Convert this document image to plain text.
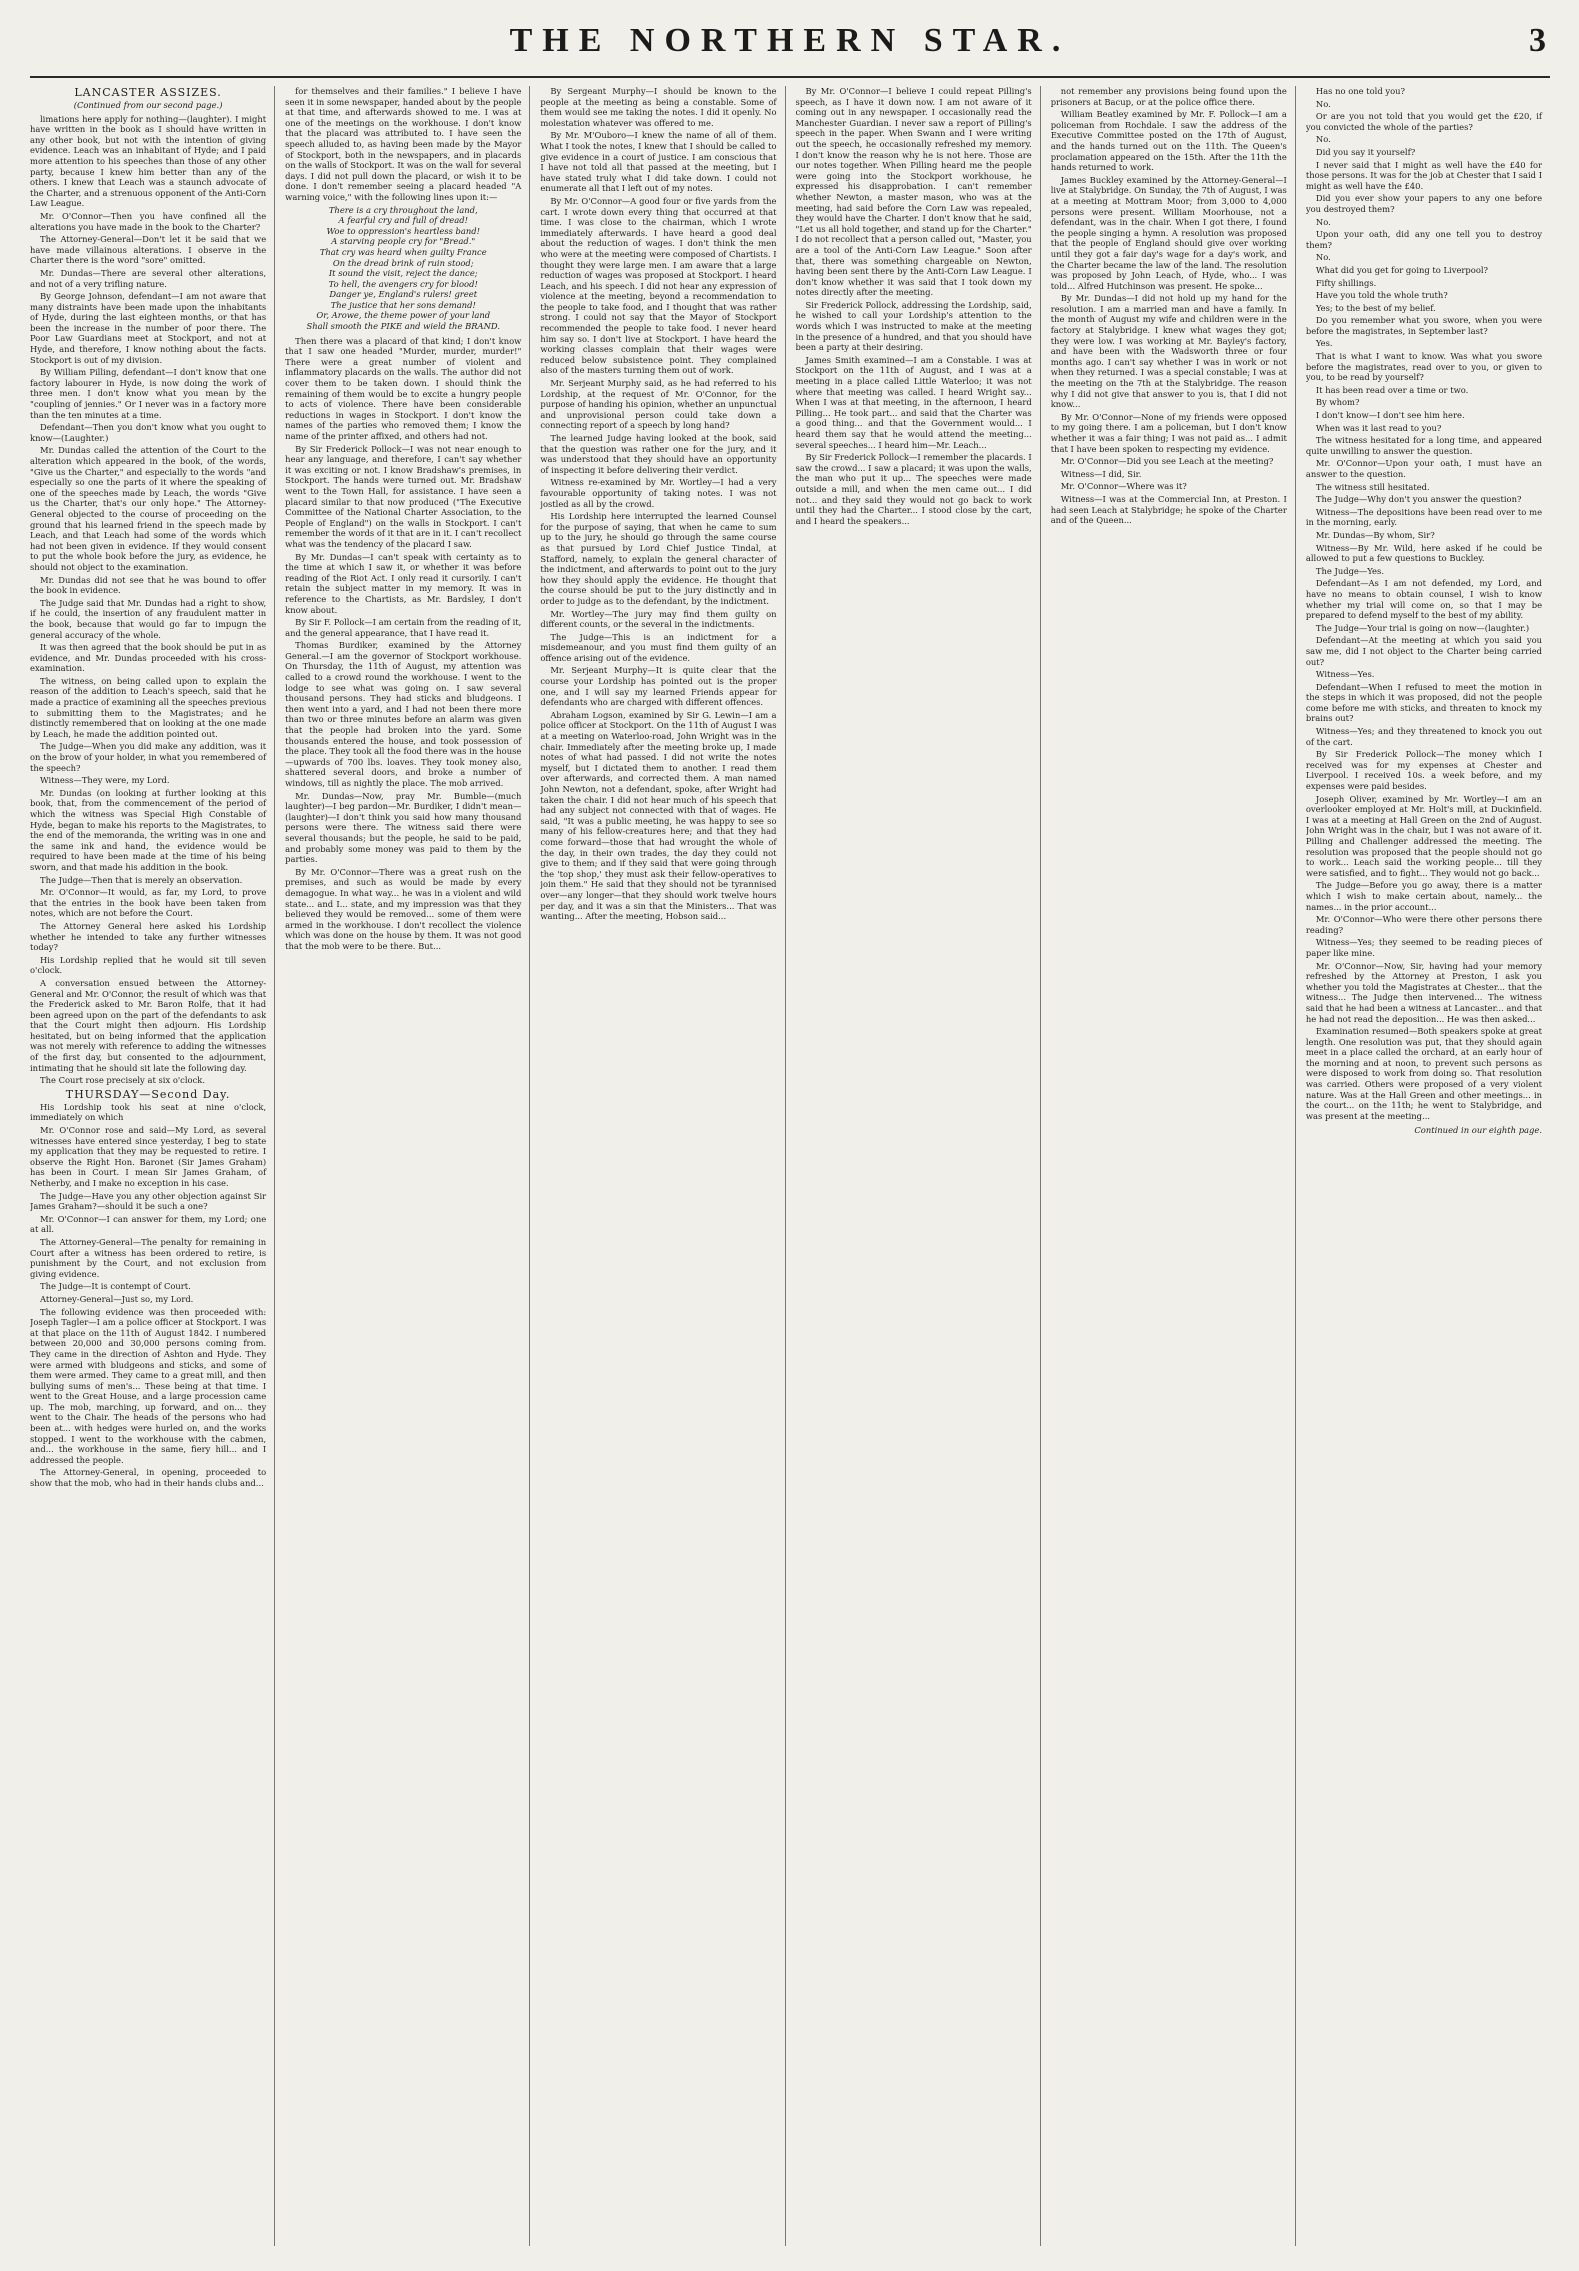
THE NORTHERN STAR.	3

LANCASTER ASSIZES.

(Continued from our second page.)

limations here apply for nothing—(laughter). I might have written in the book as I should have written in any other book, but not with the intention of giving evidence. Leach was an inhabitant of Hyde; and I paid more attention to his speeches than those of any other party, because I knew him better than any of the others. I knew that Leach was a staunch advocate of the Charter, and a strenuous opponent of the Anti-Corn Law League.

Mr. O'Connor—Then you have confined all the alterations you have made in the book to the Charter?

The Attorney-General—Don't let it be said that we have made villainous alterations. I observe in the Charter there is the word "sore" omitted.

Mr. Dundas—There are several other alterations, and not of a very trifling nature.

By George Johnson, defendant—I am not aware that many distraints have been made upon the inhabitants of Hyde, during the last eighteen months, or that has been the increase in the number of poor there. The Poor Law Guardians meet at Stockport, and not at Hyde, and therefore, I know nothing about the facts. Stockport is out of my division.

By William Pilling, defendant—I don't know that one factory labourer in Hyde, is now doing the work of three men. I don't know what you mean by the "coupling of jennies." Or I never was in a factory more than the ten minutes at a time.

Defendant—Then you don't know what you ought to know—(Laughter.)

Mr. Dundas called the attention of the Court to the alteration which appeared in the book, of the words, "Give us the Charter," and especially to the words "and especially so one the parts of it where the speaking of one of the speeches made by Leach, the words "Give us the Charter, that's our only hope." The Attorney-General objected to the course of proceeding on the ground that his learned friend in the speech made by Leach, and that Leach had some of the words which had not been given in evidence. If they would consent to put the whole book before the jury, as evidence, he should not object to the examination.

Mr. Dundas did not see that he was bound to offer the book in evidence.

The Judge said that Mr. Dundas had a right to show, if he could, the insertion of any fraudulent matter in the book, because that would go far to impugn the general accuracy of the whole.

It was then agreed that the book should be put in as evidence, and Mr. Dundas proceeded with his cross-examination.

The witness, on being called upon to explain the reason of the addition to Leach's speech, said that he made a practice of examining all the speeches previous to submitting them to the Magistrates; and he distinctly remembered that on looking at the one made by Leach, he made the addition pointed out.

The Judge—When you did make any addition, was it on the brow of your holder, in what you remembered of the speech?

Witness—They were, my Lord.

Mr. Dundas (on looking at further looking at this book, that, from the commencement of the period of which the witness was Special High Constable of Hyde, began to make his reports to the Magistrates, to the end of the memoranda, the writing was in one and the same ink and hand, the evidence would be required to have been made at the time of his being sworn, and that made his addition in the book.

The Judge—Then that is merely an observation.

Mr. O'Connor—It would, as far, my Lord, to prove that the entries in the book have been taken from notes, which are not before the Court.

The Attorney General here asked his Lordship whether he intended to take any further witnesses today?

His Lordship replied that he would sit till seven o'clock.

A conversation ensued between the Attorney-General and Mr. O'Connor, the result of which was that the Frederick asked to Mr. Baron Rolfe, that it had been agreed upon on the part of the defendants to ask that the Court might then adjourn. His Lordship hesitated, but on being informed that the application was not merely with reference to adding the witnesses of the first day, but consented to the adjournment, intimating that he should sit late the following day.

The Court rose precisely at six o'clock.

THURSDAY—Second Day.

His Lordship took his seat at nine o'clock, immediately on which

Mr. O'Connor rose and said—My Lord, as several witnesses have entered since yesterday, I beg to state my application that they may be requested to retire. I observe the Right Hon. Baronet (Sir James Graham) has been in Court. I mean Sir James Graham, of Netherby, and I make no exception in his case.

The Judge—Have you any other objection against Sir James Graham?—should it be such a one?

Mr. O'Connor—I can answer for them, my Lord; one at all.

The Attorney-General—The penalty for remaining in Court after a witness has been ordered to retire, is punishment by the Court, and not exclusion from giving evidence.

The Judge—It is contempt of Court.

Attorney-General—Just so, my Lord.

The following evidence was then proceeded with: Joseph Tagler—I am a police officer at Stockport. I was at that place on the 11th of August 1842. I numbered between 20,000 and 30,000 persons coming from. They came in the direction of Ashton and Hyde. They were armed with bludgeons and sticks, and some of them were armed. They came to a great mill, and then bullying sums of men's... These being at that time. I went to the Great House, and a large procession came up. The mob, marching, up forward, and on... they went to the Chair. The heads of the persons who had been at... with hedges were hurled on, and the works stopped. I went to the workhouse with the cabmen, and... the workhouse in the same, fiery hill... and I addressed the people.

The Attorney-General, in opening, proceeded to show that the mob, who had in their hands clubs and...

for themselves and their families." I believe I have seen it in some newspaper, handed about by the people at that time, and afterwards showed to me. I was at one of the meetings on the workhouse. I don't know that the placard was attributed to. I have seen the speech alluded to, as having been made by the Mayor of Stockport, both in the newspapers, and in placards on the walls of Stockport. It was on the wall for several days. I did not pull down the placard, or wish it to be done. I don't remember seeing a placard headed "A warning voice," with the following lines upon it:—

There is a cry throughout the land,
A fearful cry and full of dread!
Woe to oppression's heartless band!
A starving people cry for "Bread."
That cry was heard when guilty France
On the dread brink of ruin stood;
It sound the visit, reject the dance;
To hell, the avengers cry for blood!
Danger ye, England's rulers! greet
The justice that her sons demand!
Or, Arowe, the theme power of your land
Shall smooth the PIKE and wield the BRAND.

Then there was a placard of that kind; I don't know that I saw one headed "Murder, murder, murder!" There were a great number of violent and inflammatory placards on the walls. The author did not cover them to be taken down. I should think the remaining of them would be to excite a hungry people to acts of violence. There have been considerable reductions in wages in Stockport. I don't know the names of the parties who removed them; I know the name of the printer affixed, and others had not.

By Sir Frederick Pollock—I was not near enough to hear any language, and therefore, I can't say whether it was exciting or not. I know Bradshaw's premises, in Stockport. The hands were turned out. Mr. Bradshaw went to the Town Hall, for assistance. I have seen a placard similar to that now produced ("The Executive Committee of the National Charter Association, to the People of England") on the walls in Stockport. I can't remember the words of it that are in it. I can't recollect what was the tendency of the placard I saw.

By Mr. Dundas—I can't speak with certainty as to the time at which I saw it, or whether it was before reading of the Riot Act. I only read it cursorily. I can't retain the subject matter in my memory. It was in reference to the Chartists, as Mr. Bardsley, I don't know about.

By Sir F. Pollock—I am certain from the reading of it, and the general appearance, that I have read it.

Thomas Burdiker, examined by the Attorney General.—I am the governor of Stockport workhouse. On Thursday, the 11th of August, my attention was called to a crowd round the workhouse. I went to the lodge to see what was going on. I saw several thousand persons. They had sticks and bludgeons. I then went into a yard, and I had not been there more than two or three minutes before an alarm was given that the people had broken into the yard. Some thousands entered the house, and took possession of the place. They took all the food there was in the house—upwards of 700 lbs. loaves. They took money also, shattered several doors, and broke a number of windows, till as nightly the place. The mob arrived.

Mr. Dundas—Now, pray Mr. Bumble—(much laughter)—I beg pardon—Mr. Burdiker, I didn't mean—(laughter)—I don't think you said how many thousand persons were there. The witness said there were several thousands; but the people, he said to be paid, and probably some money was paid to them by the parties.

By Mr. O'Connor—There was a great rush on the premises, and such as would be made by every demagogue. In what way... he was in a violent and wild state... and I... state, and my impression was that they believed they would be removed... some of them were armed in the workhouse. I don't recollect the violence which was done on the house by them. It was not good that the mob were to be there. But...

By Sergeant Murphy—I should be known to the people at the meeting as being a constable. Some of them would see me taking the notes. I did it openly. No molestation whatever was offered to me.

By Mr. M'Ouboro—I knew the name of all of them. What I took the notes, I knew that I should be called to give evidence in a court of justice. I am conscious that I have not told all that passed at the meeting, but I have stated truly what I did take down. I could not enumerate all that I left out of my notes.

By Mr. O'Connor—A good four or five yards from the cart. I wrote down every thing that occurred at that time. I was close to the chairman, which I wrote immediately afterwards. I have heard a good deal about the reduction of wages. I don't think the men who were at the meeting were composed of Chartists. I thought they were large men. I am aware that a large reduction of wages was proposed at Stockport. I heard Leach, and his speech. I did not hear any expression of violence at the meeting, beyond a recommendation to the people to take food, and I thought that was rather strong. I could not say that the Mayor of Stockport recommended the people to take food. I never heard him say so. I don't live at Stockport. I have heard the working classes complain that their wages were reduced below subsistence point. They complained also of the masters turning them out of work.

Mr. Serjeant Murphy said, as he had referred to his Lordship, at the request of Mr. O'Connor, for the purpose of handing his opinion, whether an unpunctual and unprovisional person could take down a connecting report of a speech by long hand?

The learned Judge having looked at the book, said that the question was rather one for the jury, and it was understood that they should have an opportunity of inspecting it before delivering their verdict.

Witness re-examined by Mr. Wortley—I had a very favourable opportunity of taking notes. I was not jostled as all by the crowd.

His Lordship here interrupted the learned Counsel for the purpose of saying, that when he came to sum up to the jury, he should go through the same course as that pursued by Lord Chief Justice Tindal, at Stafford, namely, to explain the general character of the indictment, and afterwards to point out to the jury how they should apply the evidence. He thought that the course should be put to the jury distinctly and in order to judge as to the defendant, by the indictment.

Mr. Wortley—The jury may find them guilty on different counts, or the several in the indictments.

The Judge—This is an indictment for a misdemeanour, and you must find them guilty of an offence arising out of the evidence.

Mr. Serjeant Murphy—It is quite clear that the course your Lordship has pointed out is the proper one, and I will say my learned Friends appear for defendants who are charged with different offences.

Abraham Logson, examined by Sir G. Lewin—I am a police officer at Stockport. On the 11th of August I was at a meeting on Waterloo-road, John Wright was in the chair. Immediately after the meeting broke up, I made notes of what had passed. I did not write the notes myself, but I dictated them to another. I read them over afterwards, and corrected them. A man named John Newton, not a defendant, spoke, after Wright had taken the chair. I did not hear much of his speech that had any subject not connected with that of wages. He said, "It was a public meeting, he was happy to see so many of his fellow-creatures here; and that they had come forward—those that had wrought the whole of the day, in their own trades, the day they could not give to them; and if they said that were going through the 'top shop,' they must ask their fellow-operatives to join them." He said that they should not be tyrannised over—any longer—that they should work twelve hours per day, and it was a sin that the Ministers... That was wanting... After the meeting, Hobson said...

By Mr. O'Connor—I believe I could repeat Pilling's speech, as I have it down now. I am not aware of it coming out in any newspaper. I occasionally read the Manchester Guardian. I never saw a report of Pilling's speech in the paper. When Swann and I were writing out the speech, he occasionally refreshed my memory. I don't know the reason why he is not here. Those are our notes together. When Pilling heard me the people were going into the Stockport workhouse, he expressed his disapprobation. I can't remember whether Newton, a master mason, who was at the meeting, had said before the Corn Law was repealed, they would have the Charter. I don't know that he said, "Let us all hold together, and stand up for the Charter." I do not recollect that a person called out, "Master, you are a tool of the Anti-Corn Law League." Soon after that, there was something chargeable on Newton, having been sent there by the Anti-Corn Law League. I don't know whether it was said that I took down my notes directly after the meeting.

Sir Frederick Pollock, addressing the Lordship, said, he wished to call your Lordship's attention to the words which I was instructed to make at the meeting in the presence of a hundred, and that you should have been a party at their desiring.

James Smith examined—I am a Constable. I was at Stockport on the 11th of August, and I was at a meeting in a place called Little Waterloo; it was not where that meeting was called. I heard Wright say... When I was at that meeting, in the afternoon, I heard Pilling... He took part... and said that the Charter was a good thing... and that the Government would... I heard them say that he would attend the meeting... several speeches... I heard him—Mr. Leach...

By Sir Frederick Pollock—I remember the placards. I saw the crowd... I saw a placard; it was upon the walls, the man who put it up... The speeches were made outside a mill, and when the men came out... I did not... and they said they would not go back to work until they had the Charter... I stood close by the cart, and I heard the speakers...

not remember any provisions being found upon the prisoners at Bacup, or at the police office there.

William Beatley examined by Mr. F. Pollock—I am a policeman from Rochdale. I saw the address of the Executive Committee posted on the 17th of August, and the hands turned out on the 11th. The Queen's proclamation appeared on the 15th. After the 11th the hands returned to work.

James Buckley examined by the Attorney-General—I live at Stalybridge. On Sunday, the 7th of August, I was at a meeting at Mottram Moor; from 3,000 to 4,000 persons were present. William Moorhouse, not a defendant, was in the chair. When I got there, I found the people singing a hymn. A resolution was proposed that the people of England should give over working until they got a fair day's wage for a day's work, and the Charter became the law of the land. The resolution was proposed by John Leach, of Hyde, who... I was told... Alfred Hutchinson was present. He spoke...

By Mr. Dundas—I did not hold up my hand for the resolution. I am a married man and have a family. In the month of August my wife and children were in the factory at Stalybridge. I knew what wages they got; they were low. I was working at Mr. Bayley's factory, and have been with the Wadsworth three or four months ago. I can't say whether I was in work or not when they returned. I was a special constable; I was at the meeting on the 7th at the Stalybridge. The reason why I did not give that answer to you is, that I did not know...

By Mr. O'Connor—None of my friends were opposed to my going there. I am a policeman, but I don't know whether it was a fair thing; I was not paid as... I admit that I have been spoken to respecting my evidence.

Mr. O'Connor—Did you see Leach at the meeting?

Witness—I did, Sir.

Mr. O'Connor—Where was it?

Witness—I was at the Commercial Inn, at Preston. I had seen Leach at Stalybridge; he spoke of the Charter and of the Queen...

Has no one told you?

No.

Or are you not told that you would get the £20, if you convicted the whole of the parties?

No.

Did you say it yourself?

I never said that I might as well have the £40 for those persons. It was for the job at Chester that I said I might as well have the £40.

Did you ever show your papers to any one before you destroyed them?

No.

Upon your oath, did any one tell you to destroy them?

No.

What did you get for going to Liverpool?

Fifty shillings.

Have you told the whole truth?

Yes; to the best of my belief.

Do you remember what you swore, when you were before the magistrates, in September last?

Yes.

That is what I want to know. Was what you swore before the magistrates, read over to you, or given to you, to be read by yourself?

It has been read over a time or two.

By whom?

I don't know—I don't see him here.

When was it last read to you?

The witness hesitated for a long time, and appeared quite unwilling to answer the question.

Mr. O'Connor—Upon your oath, I must have an answer to the question.

The witness still hesitated.

The Judge—Why don't you answer the question?

Witness—The depositions have been read over to me in the morning, early.

Mr. Dundas—By whom, Sir?

Witness—By Mr. Wild, here asked if he could be allowed to put a few questions to Buckley.

The Judge—Yes.

Defendant—As I am not defended, my Lord, and have no means to obtain counsel, I wish to know whether my trial will come on, so that I may be prepared to defend myself to the best of my ability.

The Judge—Your trial is going on now—(laughter.)

Defendant—At the meeting at which you said you saw me, did I not object to the Charter being carried out?

Witness—Yes.

Defendant—When I refused to meet the motion in the steps in which it was proposed, did not the people come before me with sticks, and threaten to knock my brains out?

Witness—Yes; and they threatened to knock you out of the cart.

By Sir Frederick Pollock—The money which I received was for my expenses at Chester and Liverpool. I received 10s. a week before, and my expenses were paid besides.

Joseph Oliver, examined by Mr. Wortley—I am an overlooker employed at Mr. Holt's mill, at Duckinfield. I was at a meeting at Hall Green on the 2nd of August. John Wright was in the chair, but I was not aware of it. Pilling and Challenger addressed the meeting. The resolution was proposed that the people should not go to work... Leach said the working people... till they were satisfied, and to fight... They would not go back...

The Judge—Before you go away, there is a matter which I wish to make certain about, namely... the names... in the prior account...

Mr. O'Connor—Who were there other persons there reading?

Witness—Yes; they seemed to be reading pieces of paper like mine.

Mr. O'Connor—Now, Sir, having had your memory refreshed by the Attorney at Preston, I ask you whether you told the Magistrates at Chester... that the witness... The Judge then intervened... The witness said that he had been a witness at Lancaster... and that he had not read the deposition... He was then asked...

Examination resumed—Both speakers spoke at great length. One resolution was put, that they should again meet in a place called the orchard, at an early hour of the morning and at noon, to prevent such persons as were disposed to work from doing so. That resolution was carried. Others were proposed of a very violent nature. Was at the Hall Green and other meetings... in the court... on the 11th; he went to Stalybridge, and was present at the meeting...

Continued in our eighth page.
